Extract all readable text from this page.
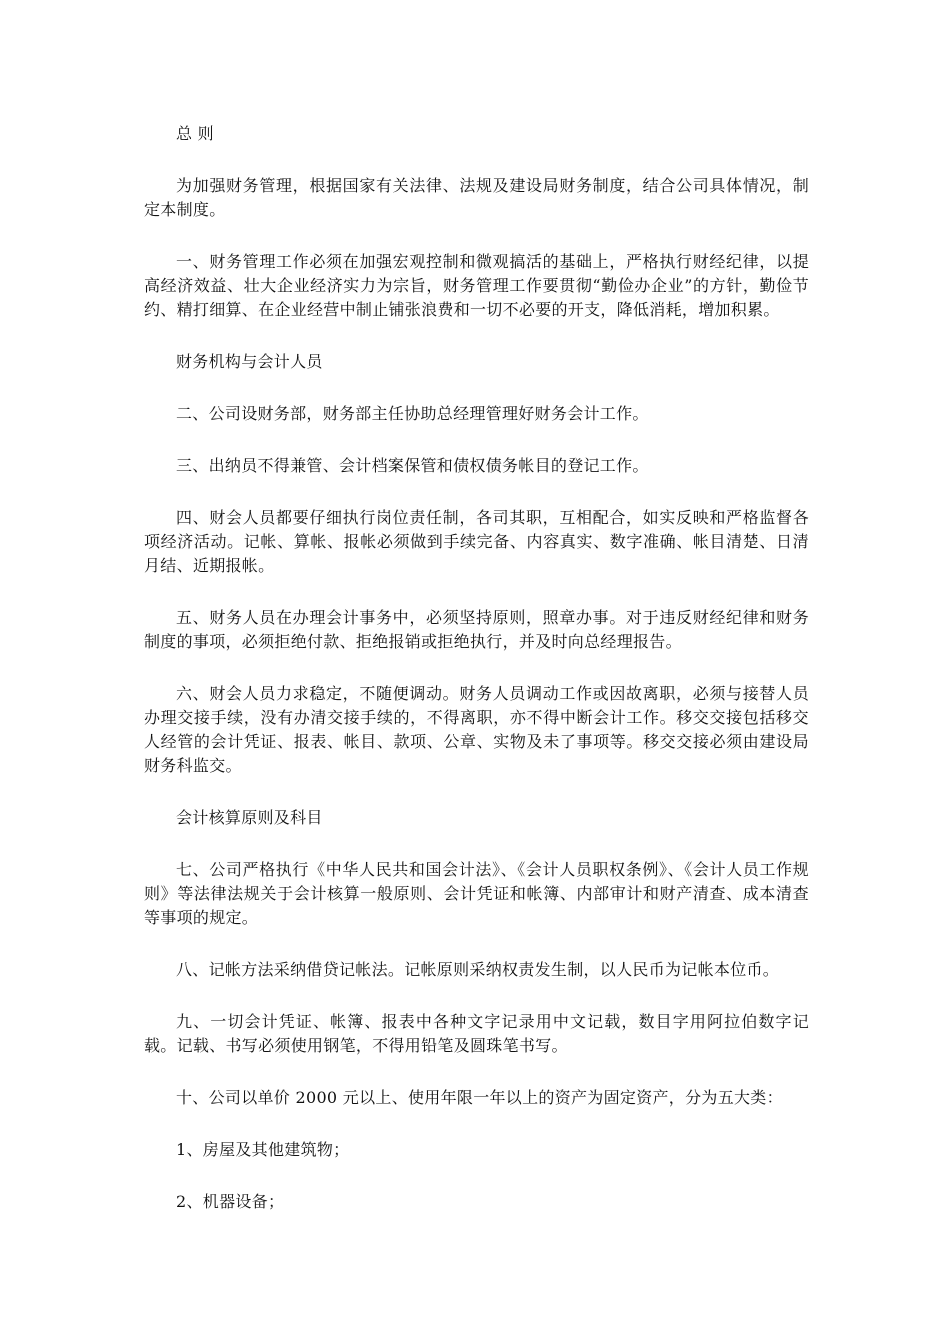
总 则

为加强财务管理，根据国家有关法律、法规及建设局财务制度，结合公司具体情况，制定本制度。

一、财务管理工作必须在加强宏观控制和微观搞活的基础上，严格执行财经纪律，以提高经济效益、壮大企业经济实力为宗旨，财务管理工作要贯彻“勤俭办企业”的方针，勤俭节约、精打细算、在企业经营中制止铺张浪费和一切不必要的开支，降低消耗，增加积累。

财务机构与会计人员

二、公司设财务部，财务部主任协助总经理管理好财务会计工作。

三、出纳员不得兼管、会计档案保管和债权债务帐目的登记工作。

四、财会人员都要仔细执行岗位责任制，各司其职，互相配合，如实反映和严格监督各项经济活动。记帐、算帐、报帐必须做到手续完备、内容真实、数字准确、帐目清楚、日清月结、近期报帐。

五、财务人员在办理会计事务中，必须坚持原则，照章办事。对于违反财经纪律和财务制度的事项，必须拒绝付款、拒绝报销或拒绝执行，并及时向总经理报告。

六、财会人员力求稳定，不随便调动。财务人员调动工作或因故离职，必须与接替人员办理交接手续，没有办清交接手续的，不得离职，亦不得中断会计工作。移交交接包括移交人经管的会计凭证、报表、帐目、款项、公章、实物及未了事项等。移交交接必须由建设局财务科监交。

会计核算原则及科目

七、公司严格执行《中华人民共和国会计法》、《会计人员职权条例》、《会计人员工作规则》等法律法规关于会计核算一般原则、会计凭证和帐簿、内部审计和财产清查、成本清查等事项的规定。

八、记帐方法采纳借贷记帐法。记帐原则采纳权责发生制，以人民币为记帐本位币。

九、一切会计凭证、帐簿、报表中各种文字记录用中文记载，数目字用阿拉伯数字记载。记载、书写必须使用钢笔，不得用铅笔及圆珠笔书写。

十、公司以单价 2000 元以上、使用年限一年以上的资产为固定资产，分为五大类：

1、房屋及其他建筑物；

2、机器设备；
